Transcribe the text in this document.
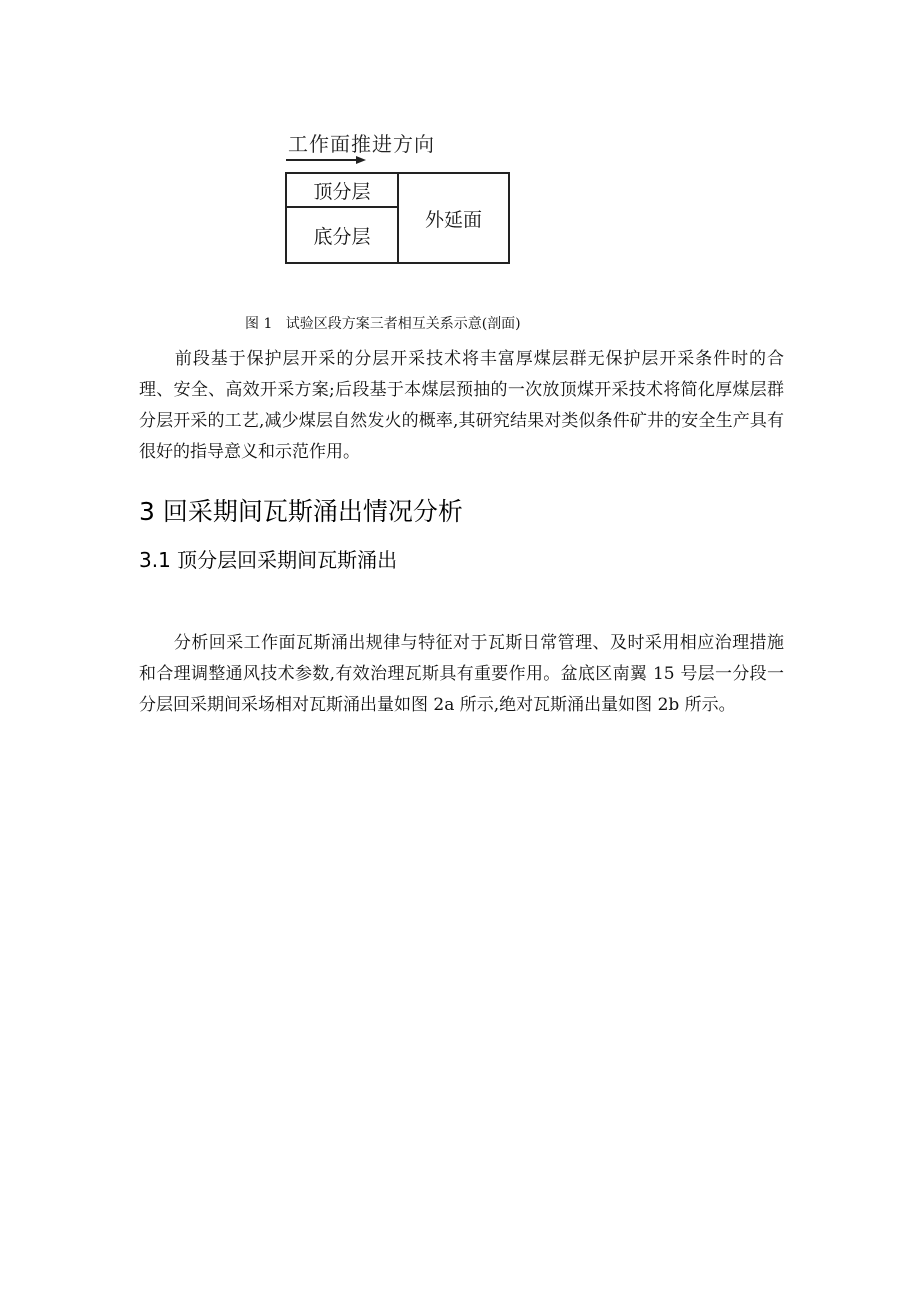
工作面推进方向
顶分层
底分层
外延面
图 1   试验区段方案三者相互关系示意(剖面)

　　前段基于保护层开采的分层开采技术将丰富厚煤层群无保护层开采条件时的合理、安全、高效开采方案;后段基于本煤层预抽的一次放顶煤开采技术将简化厚煤层群分层开采的工艺,减少煤层自然发火的概率,其研究结果对类似条件矿井的安全生产具有很好的指导意义和示范作用。

3 回采期间瓦斯涌出情况分析
3.1 顶分层回采期间瓦斯涌出

　　分析回采工作面瓦斯涌出规律与特征对于瓦斯日常管理、及时采用相应治理措施和合理调整通风技术参数,有效治理瓦斯具有重要作用。盆底区南翼 15 号层一分段一分层回采期间采场相对瓦斯涌出量如图 2a 所示,绝对瓦斯涌出量如图 2b 所示。
